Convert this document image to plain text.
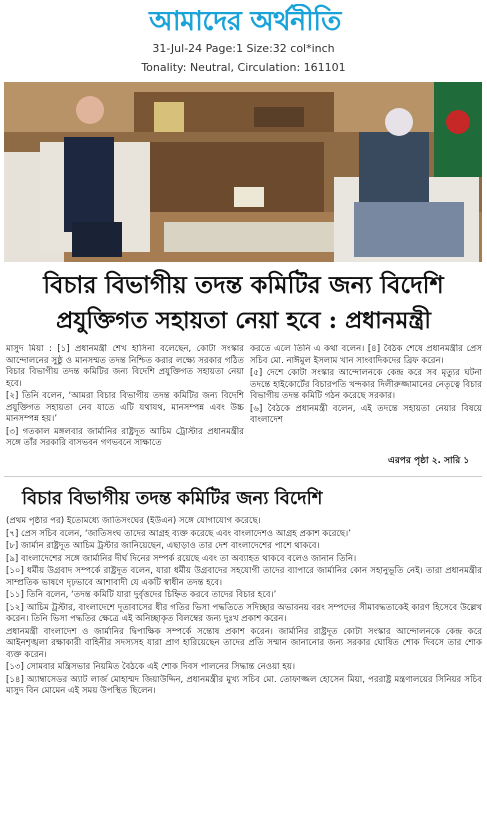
আমাদের অর্থনীতি
31-Jul-24 Page:1 Size:32 col*inch
Tonality: Neutral, Circulation: 161101
বিচার বিভাগীয় তদন্ত কমিটির জন্য বিদেশি
প্রযুক্তিগত সহায়তা নেয়া হবে : প্রধানমন্ত্রী

মাসুদ মিয়া : [১] প্রধানমন্ত্রী শেখ হাসিনা বলেছেন, কোটা সংস্কার আন্দোলনের সুষ্ঠু ও মানসম্মত তদন্ত নিশ্চিত করার লক্ষ্যে সরকার গঠিত বিচার বিভাগীয় তদন্ত কমিটির জন্য বিদেশি প্রযুক্তিগত সহায়তা নেয়া হবে।

[২] তিনি বলেন, ‘আমরা বিচার বিভাগীয় তদন্ত কমিটির জন্য বিদেশি প্রযুক্তিগত সহায়তা নেব যাতে এটি যথাযথ, মানসম্পন্ন এবং উচ্চ মানসম্পন্ন হয়।’

[৩] গতকাল মঙ্গলবার জার্মানির রাষ্ট্রদূত আচিম ট্রোস্টার প্রধানমন্ত্রীর সঙ্গে তাঁর সরকারি বাসভবন গণভবনে সাক্ষাতে

করতে এলে তিনি এ কথা বলেন। [৪] বৈঠক শেষে প্রধানমন্ত্রীর প্রেস সচিব মো. নাঈমুল ইসলাম খান সাংবাদিকদের ব্রিফ করেন।

[৫] দেশে কোটা সংস্কার আন্দোলনকে কেন্দ্র করে সব মৃত্যুর ঘটনা তদন্তে হাইকোর্টের বিচারপতি খন্দকার দিলীরুজ্জামানের নেতৃত্বে বিচার বিভাগীয় তদন্ত কমিটি গঠন করেছে সরকার।

[৬] বৈঠকে প্রধানমন্ত্রী বলেন, এই তদন্তে সহায়তা নেয়ার বিষয়ে বাংলাদেশ

এরপর পৃষ্ঠা ২. সারি ১
বিচার বিভাগীয় তদন্ত কমিটির জন্য বিদেশি

(প্রথম পৃষ্ঠার পর) ইতোমধ্যে জাতিসংঘের (ইউএন) সঙ্গে যোগাযোগ করেছে।

[৭] প্রেস সচিব বলেন, ‘জাতিসংঘ তাদের আগ্রহ ব্যক্ত করেছে এবং বাংলাদেশও আগ্রহ প্রকাশ করেছে।’

[৮] জার্মান রাষ্ট্রদূত আচিম ট্রস্টার জানিয়েছেন, এছাড়াও তার দেশ বাংলাদেশের পাশে থাকবে।

[৯] বাংলাদেশের সঙ্গে জার্মানির দীর্ঘ দিনের সম্পর্ক রয়েছে এবং তা অব্যাহত থাকবে বলেও জানান তিনি।

[১০] ধর্মীয় উগ্রবাদ সম্পর্কে রাষ্ট্রদূত বলেন, যারা ধর্মীয় উগ্রবাদের সহযোগী তাদের ব্যাপারে জার্মানির কোন সহানুভূতি নেই। তারা প্রধানমন্ত্রীর সাম্প্রতিক ভাষণে দৃঢ়ভাবে আশাবাদী যে একটি স্বাধীন তদন্ত হবে।

[১১] তিনি বলেন, ‘তদন্ত কমিটি যারা দুর্বৃত্তদের চিহ্নিত করবে তাদের বিচার হবে।’

[১২] আচিম ট্রস্টার, বাংলাদেশে দূতাবাসের ধীর গতির ভিসা পদ্ধতিতে সদিচ্ছার অভাবনয় বরং সম্পদের সীমাবদ্ধতাকেই কারণ হিসেবে উল্লেখ করেন। তিনি ভিসা পদ্ধতির ক্ষেত্রে এই অনিচ্ছাকৃত বিলম্বের জন্য দুঃখ প্রকাশ করেন।

প্রধানমন্ত্রী বাংলাদেশ ও জার্মানির দ্বিপাক্ষিক সম্পর্কে সন্তোষ প্রকাশ করেন। জার্মানির রাষ্ট্রদূত কোটা সংস্কার আন্দোলনকে কেন্দ্র করে আইনশৃঙ্খলা রক্ষাকারী বাহিনীর সদস্যসহ যারা প্রাণ হারিয়েছেন তাদের প্রতি সম্মান জানানোর জন্য সরকার ঘোষিত শোক দিবসে তার শোক ব্যক্ত করেন।

[১৩] সোমবার মন্ত্রিসভার নিয়মিত বৈঠকে এই শোক দিবস পালনের সিদ্ধান্ত নেওয়া হয়।

[১৪] অ্যাম্বাসেডর অ্যাট লার্জ মোহাম্মদ জিয়াউদ্দিন, প্রধানমন্ত্রীর মুখ্য সচিব মো. তোফাজ্জল হোসেন মিয়া, পররাষ্ট্র মন্ত্রণালয়ের সিনিয়র সচিব মাসুদ বিন মোমেন এই সময় উপস্থিত ছিলেন।
